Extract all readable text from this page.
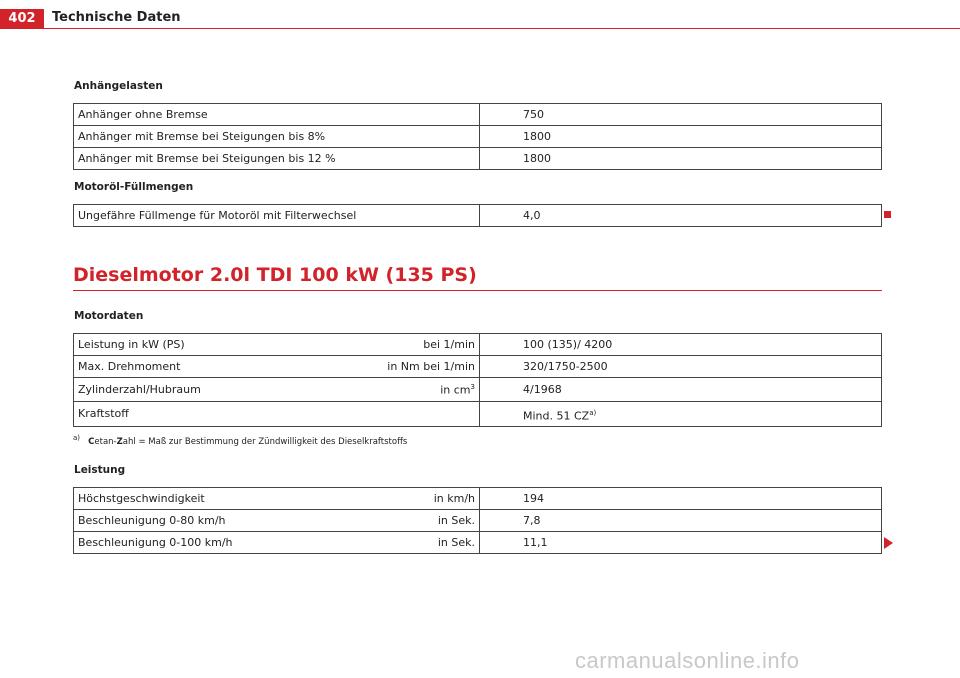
402	Technische Daten
Anhängelasten
Anhänger ohne Bremse	750
Anhänger mit Bremse bei Steigungen bis 8%	1800
Anhänger mit Bremse bei Steigungen bis 12 %	1800
Motoröl-Füllmengen
Ungefähre Füllmenge für Motoröl mit Filterwechsel	4,0
Dieselmotor 2.0l TDI 100 kW (135 PS)
Motordaten
Leistung in kW (PS) bei 1/min	100 (135)/ 4200

Max. Drehmoment in Nm bei 1/min	320/1750-2500

Zylinderzahl/Hubraum in $cm^3$	4/1968
Kraftstoff	Mind. 51 CZ$^{a)}$
$^{a)}$ Cetan-Zahl = Maß zur Bestimmung der Zündwilligkeit des Dieselkraftstoffs
Leistung
Höchstgeschwindigkeit in km/h	194

Beschleunigung 0-80 km/h in Sek.	7,8

Beschleunigung 0-100 km/h in Sek.	11,1
carmanualsonline.info
